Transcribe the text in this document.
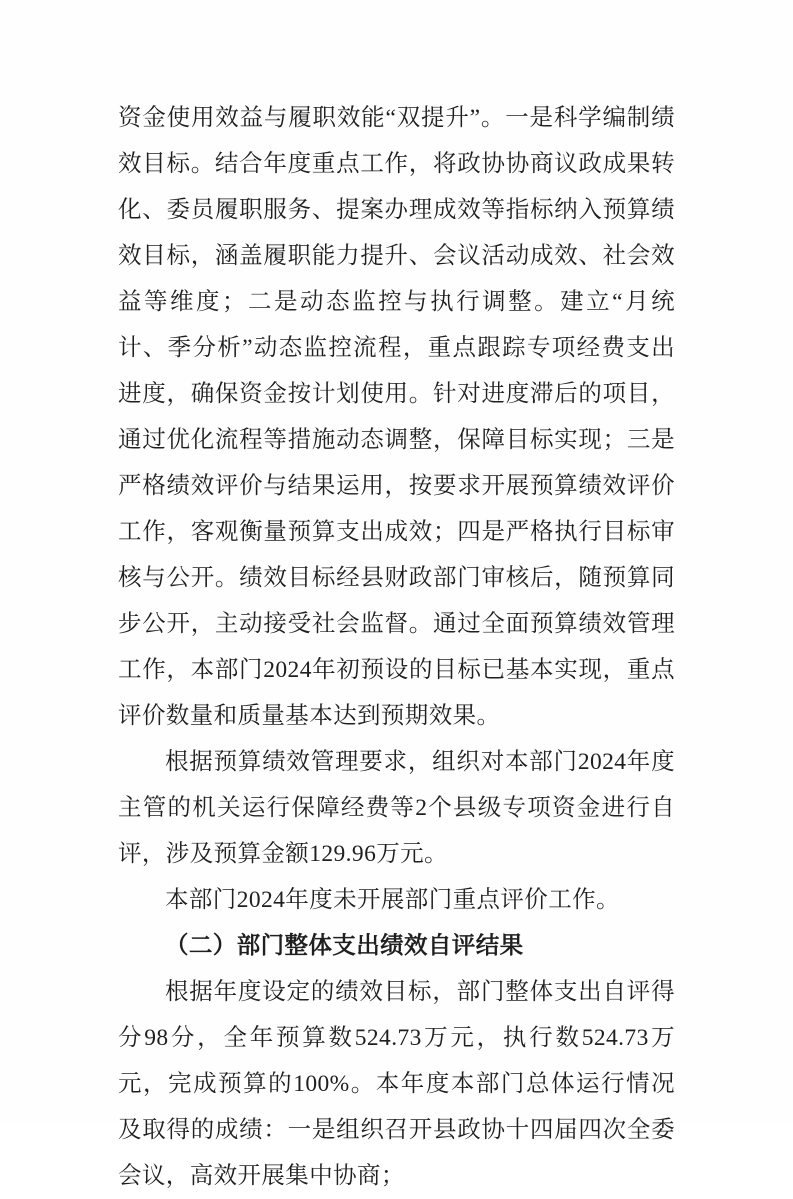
资金使用效益与履职效能“双提升”。一是科学编制绩效目标。结合年度重点工作，将政协协商议政成果转化、委员履职服务、提案办理成效等指标纳入预算绩效目标，涵盖履职能力提升、会议活动成效、社会效益等维度；二是动态监控与执行调整。建立“月统计、季分析”动态监控流程，重点跟踪专项经费支出进度，确保资金按计划使用。针对进度滞后的项目，通过优化流程等措施动态调整，保障目标实现；三是严格绩效评价与结果运用，按要求开展预算绩效评价工作，客观衡量预算支出成效；四是严格执行目标审核与公开。绩效目标经县财政部门审核后，随预算同步公开，主动接受社会监督。通过全面预算绩效管理工作，本部门2024年初预设的目标已基本实现，重点评价数量和质量基本达到预期效果。

根据预算绩效管理要求，组织对本部门2024年度主管的机关运行保障经费等2个县级专项资金进行自评，涉及预算金额129.96万元。

本部门2024年度未开展部门重点评价工作。

（二）部门整体支出绩效自评结果

根据年度设定的绩效目标，部门整体支出自评得分98分，全年预算数524.73万元，执行数524.73万元，完成预算的100%。本年度本部门总体运行情况及取得的成绩：一是组织召开县政协十四届四次全委会议，高效开展集中协商；
